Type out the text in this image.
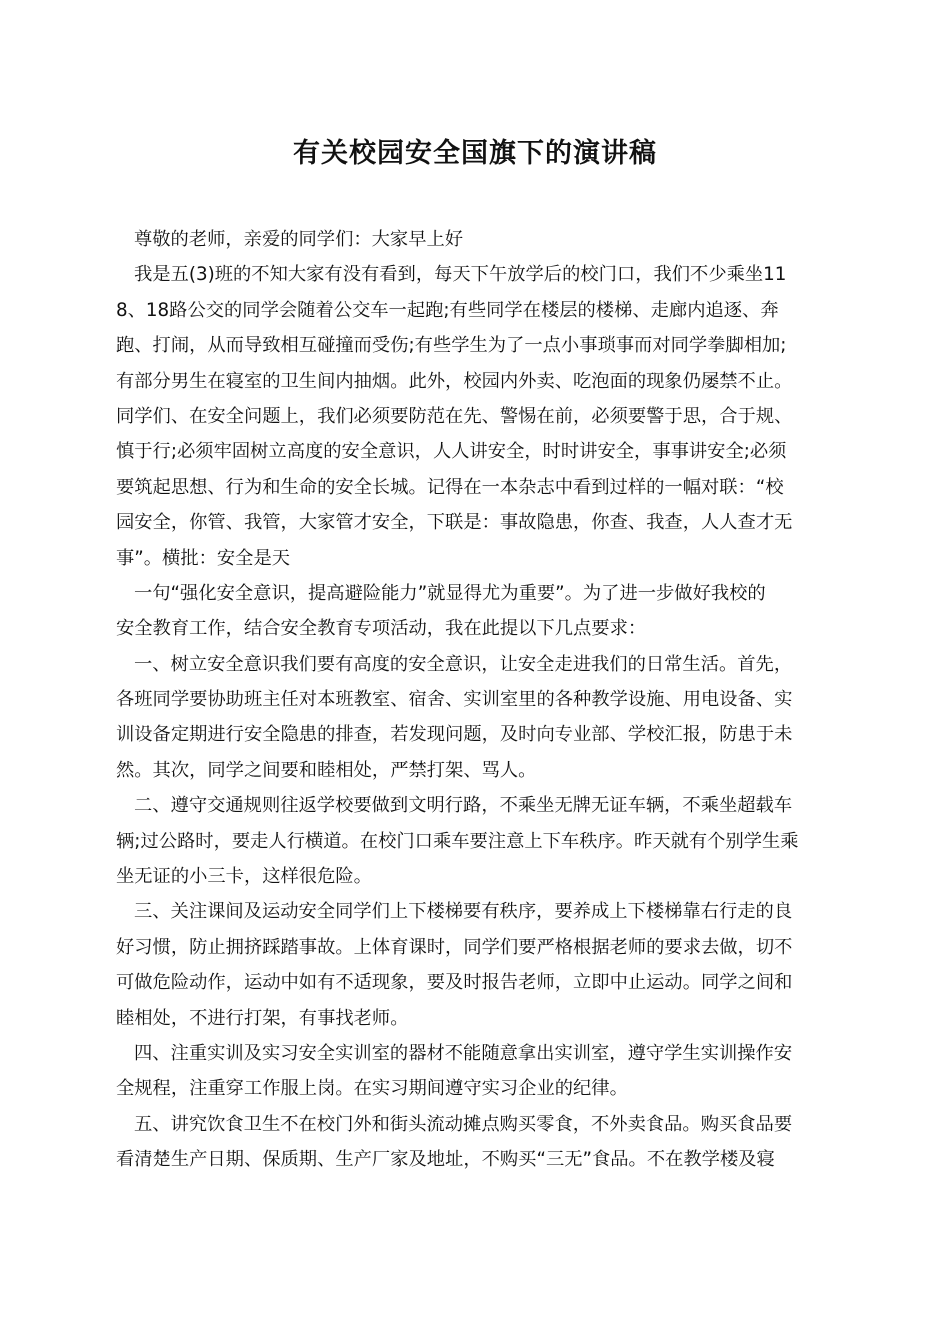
有关校园安全国旗下的演讲稿
尊敬的老师，亲爱的同学们：大家早上好
我是五(3)班的不知大家有没有看到，每天下午放学后的校门口，我们不少乘坐11
8、18路公交的同学会随着公交车一起跑;有些同学在楼层的楼梯、走廊内追逐、奔
跑、打闹，从而导致相互碰撞而受伤;有些学生为了一点小事琐事而对同学拳脚相加;
有部分男生在寝室的卫生间内抽烟。此外，校园内外卖、吃泡面的现象仍屡禁不止。
同学们、在安全问题上，我们必须要防范在先、警惕在前，必须要警于思，合于规、
慎于行;必须牢固树立高度的安全意识，人人讲安全，时时讲安全，事事讲安全;必须
要筑起思想、行为和生命的安全长城。记得在一本杂志中看到过样的一幅对联：“校
园安全，你管、我管，大家管才安全，下联是：事故隐患，你查、我查，人人查才无
事”。横批：安全是天
一句“强化安全意识，提高避险能力”就显得尤为重要”。为了进一步做好我校的
安全教育工作，结合安全教育专项活动，我在此提以下几点要求：
一、树立安全意识我们要有高度的安全意识，让安全走进我们的日常生活。首先，
各班同学要协助班主任对本班教室、宿舍、实训室里的各种教学设施、用电设备、实
训设备定期进行安全隐患的排查，若发现问题，及时向专业部、学校汇报，防患于未
然。其次，同学之间要和睦相处，严禁打架、骂人。
二、遵守交通规则往返学校要做到文明行路，不乘坐无牌无证车辆，不乘坐超载车
辆;过公路时，要走人行横道。在校门口乘车要注意上下车秩序。昨天就有个别学生乘
坐无证的小三卡，这样很危险。
三、关注课间及运动安全同学们上下楼梯要有秩序，要养成上下楼梯靠右行走的良
好习惯，防止拥挤踩踏事故。上体育课时，同学们要严格根据老师的要求去做，切不
可做危险动作，运动中如有不适现象，要及时报告老师，立即中止运动。同学之间和
睦相处，不进行打架，有事找老师。
四、注重实训及实习安全实训室的器材不能随意拿出实训室，遵守学生实训操作安
全规程，注重穿工作服上岗。在实习期间遵守实习企业的纪律。
五、讲究饮食卫生不在校门外和街头流动摊点购买零食，不外卖食品。购买食品要
看清楚生产日期、保质期、生产厂家及地址，不购买“三无”食品。不在教学楼及寝
